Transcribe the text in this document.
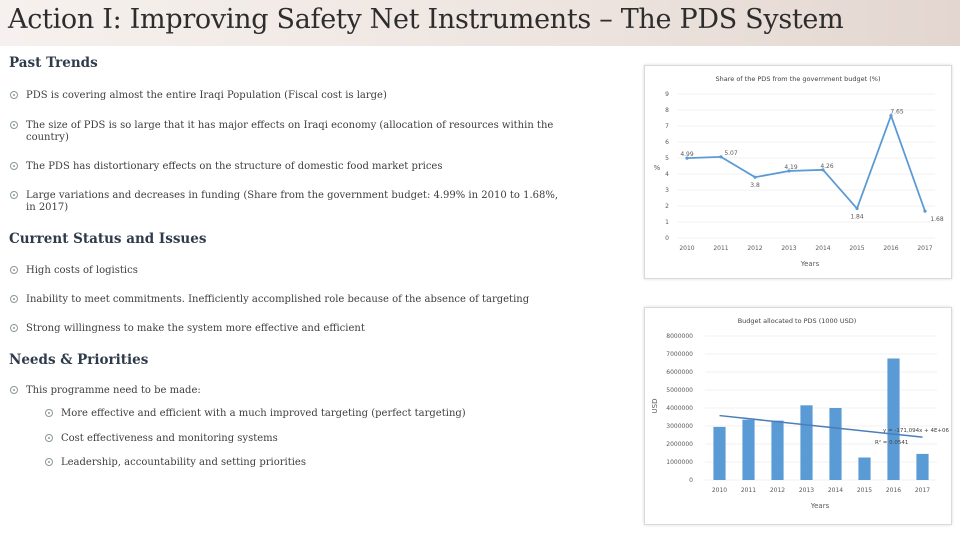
Action I: Improving Safety Net Instruments – The PDS System
Past Trends
PDS is covering almost the entire Iraqi Population (Fiscal cost is large)
The size of PDS is so large that it has major effects on Iraqi economy (allocation of resources within the country)
The PDS has distortionary effects on the structure of domestic food market prices
Large variations and decreases in funding (Share from the government budget: 4.99% in 2010 to 1.68%, in 2017)
Current Status and Issues
High costs of logistics
Inability to meet commitments. Inefficiently accomplished role because of the absence of targeting
Strong willingness to make the system more effective and efficient
Needs & Priorities
This programme need to be made:
More effective and efficient with a much improved targeting (perfect targeting)
Cost effectiveness and monitoring systems
Leadership, accountability and setting priorities
Share of the PDS from the government budget (%)
%
Years
0
1
2
3
4
5
6
7
8
9
2010	2011	2012	2013	2014	2015	2016	2017
4.99	5.07
3.8
4.19	4.26
1.84
7.65
1.68
Budget allocated to PDS (1000 USD)
USD
Years
0
1000000
2000000
3000000
4000000
5000000
6000000
7000000
8000000
2010 2011 2012 2013 2014 2015 2016 2017
y = -171,094x + 4E+06
R² = 0.0541
